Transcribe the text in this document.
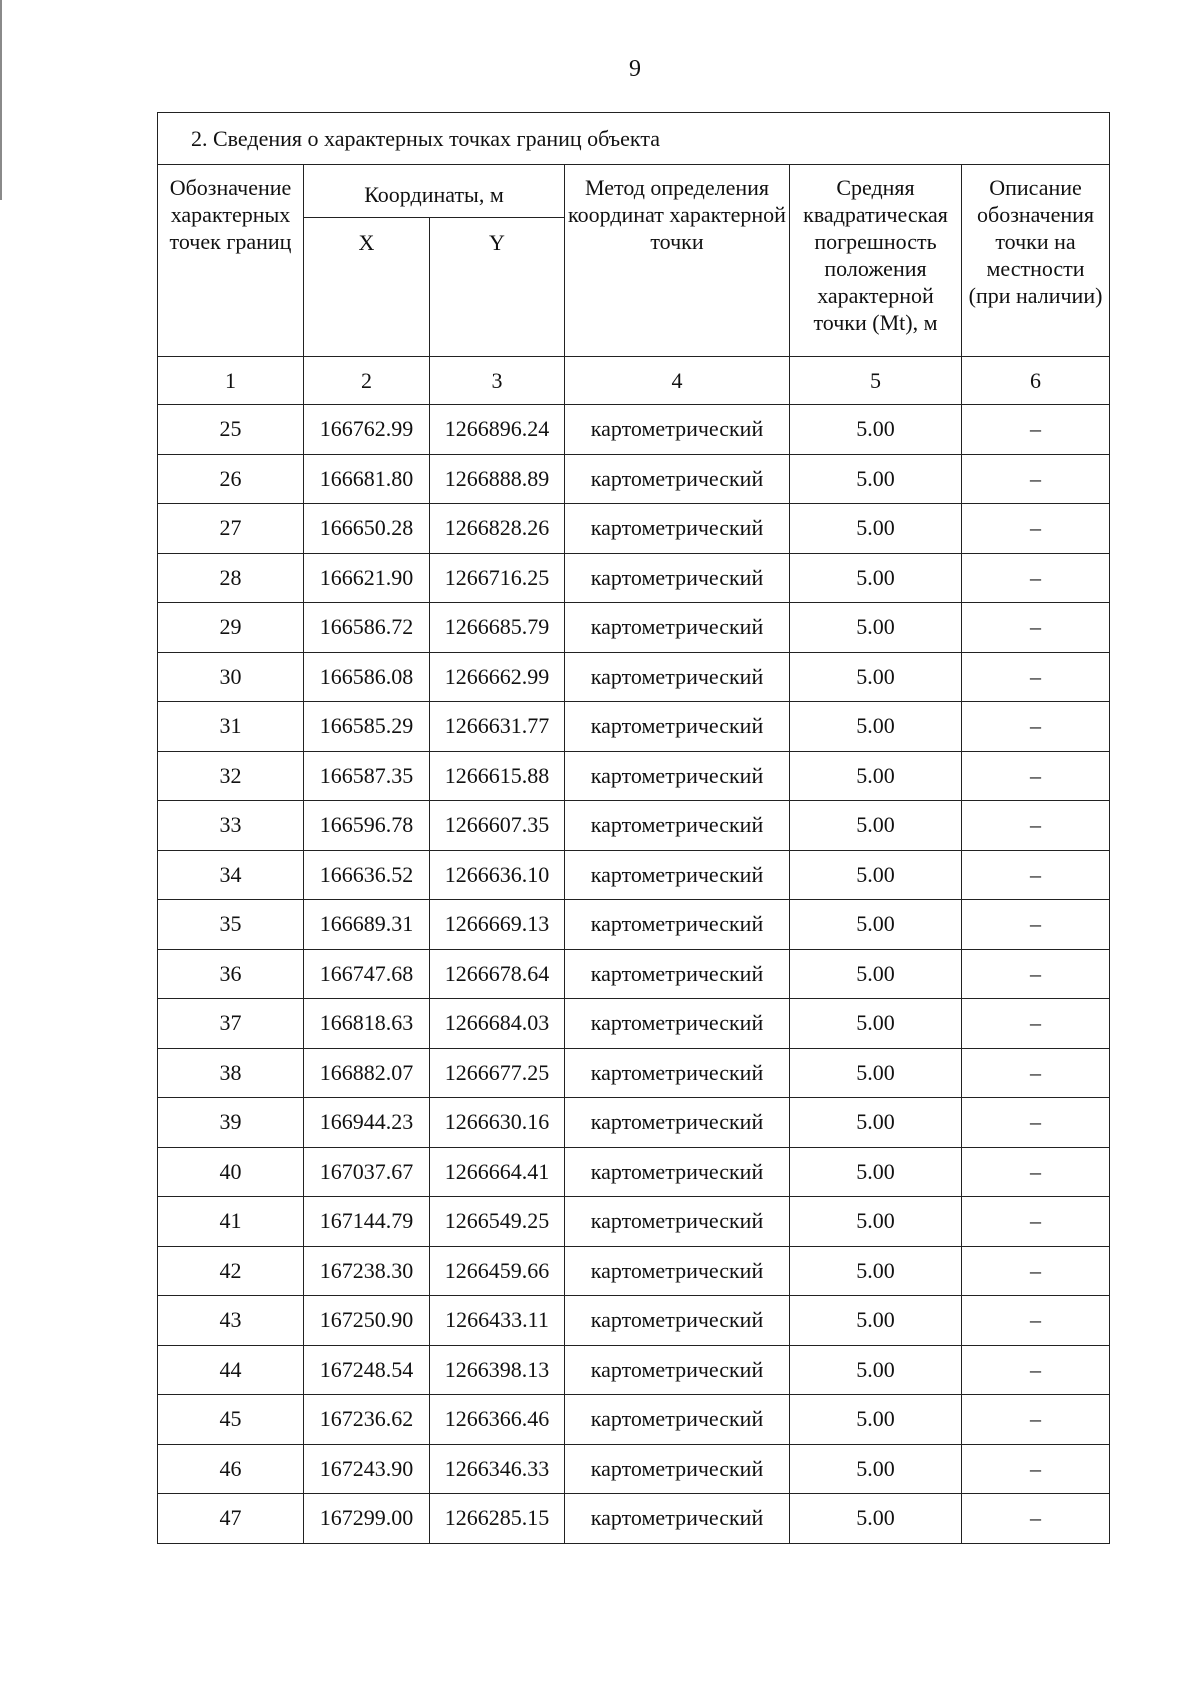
9
2. Сведения о характерных точках границ объекта					
Обозначение характерных точек границ	Координаты, м		Метод определения координат характерной точки	Средняя квадратическая погрешность положения характерной точки (Mt), м	Описание обозначения точки на местности (при наличии)
	X	Y			
1	2	3	4	5	6
25	166762.99	1266896.24	картометрический	5.00	–
26	166681.80	1266888.89	картометрический	5.00	–
27	166650.28	1266828.26	картометрический	5.00	–
28	166621.90	1266716.25	картометрический	5.00	–
29	166586.72	1266685.79	картометрический	5.00	–
30	166586.08	1266662.99	картометрический	5.00	–
31	166585.29	1266631.77	картометрический	5.00	–
32	166587.35	1266615.88	картометрический	5.00	–
33	166596.78	1266607.35	картометрический	5.00	–
34	166636.52	1266636.10	картометрический	5.00	–
35	166689.31	1266669.13	картометрический	5.00	–
36	166747.68	1266678.64	картометрический	5.00	–
37	166818.63	1266684.03	картометрический	5.00	–
38	166882.07	1266677.25	картометрический	5.00	–
39	166944.23	1266630.16	картометрический	5.00	–
40	167037.67	1266664.41	картометрический	5.00	–
41	167144.79	1266549.25	картометрический	5.00	–
42	167238.30	1266459.66	картометрический	5.00	–
43	167250.90	1266433.11	картометрический	5.00	–
44	167248.54	1266398.13	картометрический	5.00	–
45	167236.62	1266366.46	картометрический	5.00	–
46	167243.90	1266346.33	картометрический	5.00	–
47	167299.00	1266285.15	картометрический	5.00	–
